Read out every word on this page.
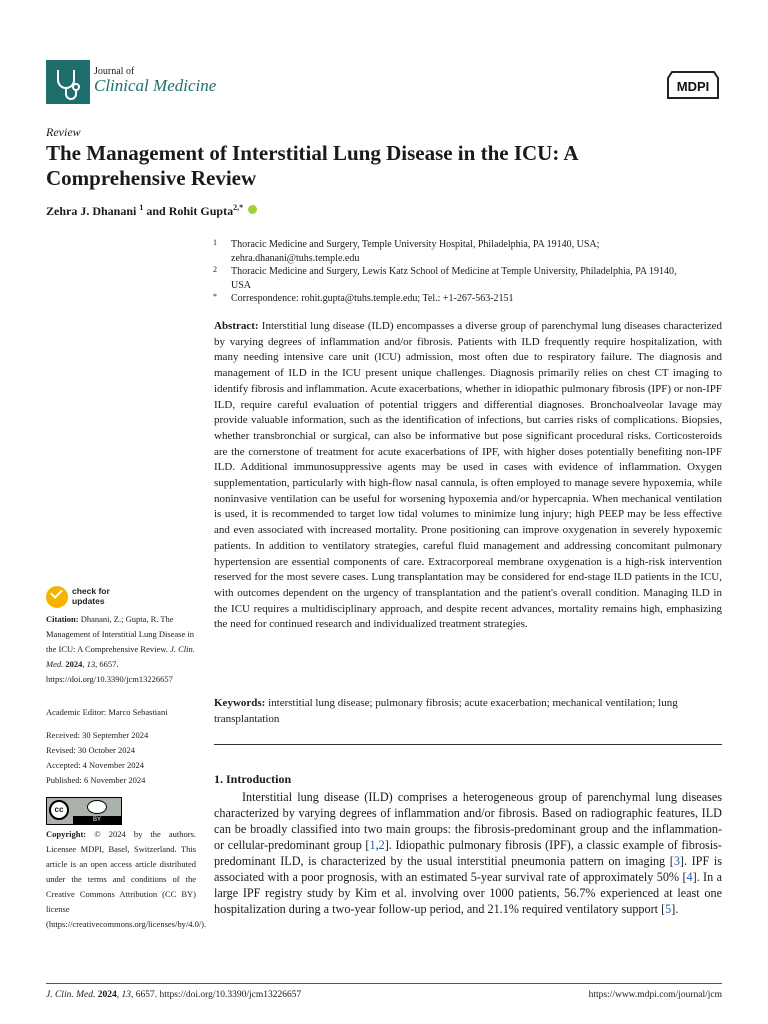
Journal of
Clinical Medicine	MDPI
Review
The Management of Interstitial Lung Disease in the ICU: A Comprehensive Review
Zehra J. Dhanani $^1$ and Rohit Gupta$^{2,*}$
1 Thoracic Medicine and Surgery, Temple University Hospital, Philadelphia, PA 19140, USA; zehra.dhanani@tuhs.temple.edu
2 Thoracic Medicine and Surgery, Lewis Katz School of Medicine at Temple University, Philadelphia, PA 19140, USA
* Correspondence: rohit.gupta@tuhs.temple.edu; Tel.: +1-267-563-2151
Abstract: Interstitial lung disease (ILD) encompasses a diverse group of parenchymal lung diseases characterized by varying degrees of inflammation and/or fibrosis. Patients with ILD frequently require hospitalization, with many needing intensive care unit (ICU) admission, most often due to respiratory failure. The diagnosis and management of ILD in the ICU present unique challenges. Diagnosis primarily relies on chest CT imaging to identify fibrosis and inflammation. Acute exacerbations, whether in idiopathic pulmonary fibrosis (IPF) or non-IPF ILD, require careful evaluation of potential triggers and differential diagnoses. Bronchoalveolar lavage may provide valuable information, such as the identification of infections, but carries risks of complications. Biopsies, whether transbronchial or surgical, can also be informative but pose significant procedural risks. Corticosteroids are the cornerstone of treatment for acute exacerbations of IPF, with higher doses potentially benefiting non-IPF ILD. Additional immunosuppressive agents may be used in cases with evidence of inflammation. Oxygen supplementation, particularly with high-flow nasal cannula, is often employed to manage severe hypoxemia, while noninvasive ventilation can be useful for worsening hypoxemia and/or hypercapnia. When mechanical ventilation is used, it is recommended to target low tidal volumes to minimize lung injury; high PEEP may be less effective and even associated with increased mortality. Prone positioning can improve oxygenation in severely hypoxemic patients. In addition to ventilatory strategies, careful fluid management and addressing concomitant pulmonary hypertension are essential components of care. Extracorporeal membrane oxygenation is a high-risk intervention reserved for the most severe cases. Lung transplantation may be considered for end-stage ILD patients in the ICU, with outcomes dependent on the urgency of transplantation and the patient's overall condition. Managing ILD in the ICU requires a multidisciplinary approach, and despite recent advances, mortality remains high, emphasizing the need for continued research and individualized treatment strategies.
Keywords: interstitial lung disease; pulmonary fibrosis; acute exacerbation; mechanical ventilation; lung transplantation
1. Introduction
Interstitial lung disease (ILD) comprises a heterogeneous group of parenchymal lung diseases characterized by varying degrees of inflammation and/or fibrosis. Based on radiographic features, ILD can be broadly classified into two main groups: the fibrosis-predominant group and the inflammation- or cellular-predominant group [1,2]. Idiopathic pulmonary fibrosis (IPF), a classic example of fibrosis-predominant ILD, is characterized by the usual interstitial pneumonia pattern on imaging [3]. IPF is associated with a poor prognosis, with an estimated 5-year survival rate of approximately 50% [4]. In a large IPF registry study by Kim et al. involving over 1000 patients, 56.7% experienced at least one hospitalization during a two-year follow-up period, and 21.1% required ventilatory support [5].
check for
updates
Citation: Dhanani, Z.; Gupta, R. The Management of Interstitial Lung Disease in the ICU: A Comprehensive Review. J. Clin. Med. 2024, 13, 6657. https://doi.org/10.3390/jcm13226657
Academic Editor: Marco Sebastiani
Received: 30 September 2024
Revised: 30 October 2024
Accepted: 4 November 2024
Published: 6 November 2024
cc
BY
Copyright: © 2024 by the authors. Licensee MDPI, Basel, Switzerland. This article is an open access article distributed under the terms and conditions of the Creative Commons Attribution (CC BY) license (https://creativecommons.org/licenses/by/4.0/).
J. Clin. Med. 2024, 13, 6657. https://doi.org/10.3390/jcm13226657	https://www.mdpi.com/journal/jcm
